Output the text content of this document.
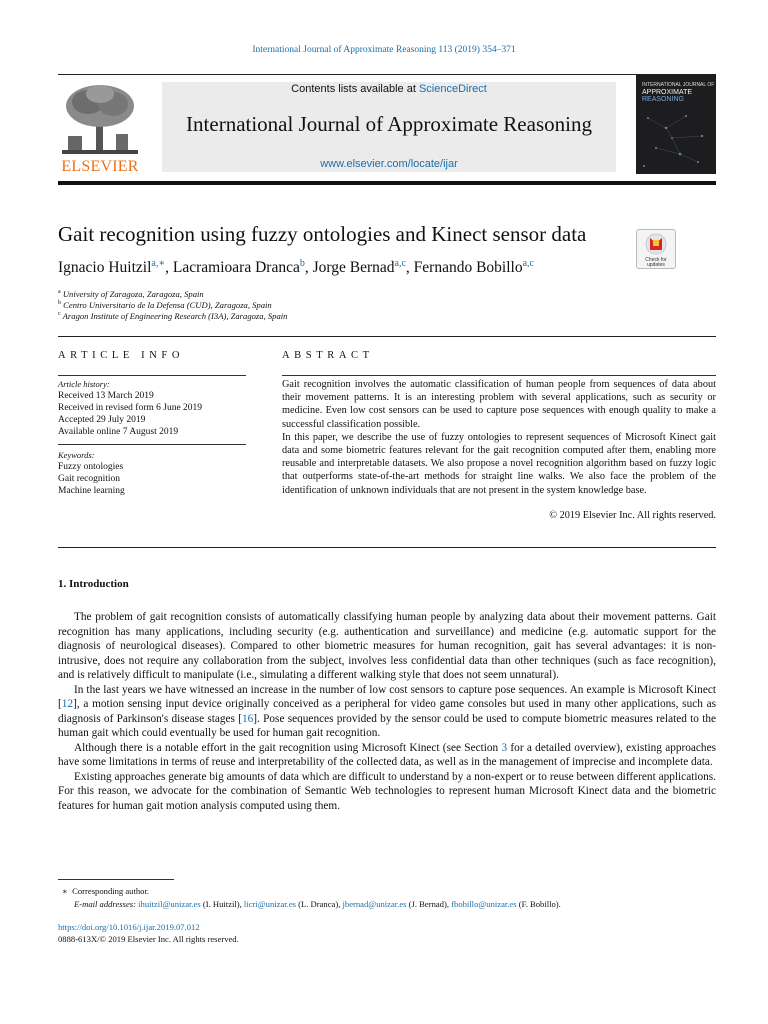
International Journal of Approximate Reasoning 113 (2019) 354–371
ELSEVIER
Contents lists available at ScienceDirect
International Journal of Approximate Reasoning
www.elsevier.com/locate/ijar
INTERNATIONAL JOURNAL OF
APPROXIMATE
REASONING
Gait recognition using fuzzy ontologies and Kinect sensor data
Check for updates
Ignacio Huitzil$^{a,∗}$, Lacramioara Dranca$^b$, Jorge Bernad$^{a,c}$, Fernando Bobillo$^{a,c}$
$^a$ University of Zaragoza, Zaragoza, Spain
$^b$ Centro Universitario de la Defensa (CUD), Zaragoza, Spain
$^c$ Aragon Institute of Engineering Research (I3A), Zaragoza, Spain
ARTICLE INFO
Article history:
Received 13 March 2019
Received in revised form 6 June 2019
Accepted 29 July 2019
Available online 7 August 2019
Keywords:
Fuzzy ontologies
Gait recognition
Machine learning
ABSTRACT

Gait recognition involves the automatic classification of human people from sequences of data about their movement patterns. It is an interesting problem with several applications, such as security or medicine. Even low cost sensors can be used to capture pose sequences with enough quality to make a successful classification possible.

In this paper, we describe the use of fuzzy ontologies to represent sequences of Microsoft Kinect gait data and some biometric features relevant for the gait recognition computed after them, enabling more reusable and interpretable datasets. We also propose a novel recognition algorithm based on fuzzy logic that outperforms state-of-the-art methods for straight line walks. We also face the problem of the identification of unknown individuals that are not present in the system knowledge base.

© 2019 Elsevier Inc. All rights reserved.
1. Introduction

The problem of gait recognition consists of automatically classifying human people by analyzing data about their movement patterns. Gait recognition has many applications, including security (e.g. authentication and surveillance) and medicine (e.g. automatic support for the diagnosis of neurological diseases). Compared to other biometric measures for human recognition, gait has several advantages: it is non-intrusive, does not require any collaboration from the subject, involves less confidential data than other techniques (such as face recognition), and is relatively difficult to manipulate (i.e., simulating a different walking style that does not seem unnatural).

In the last years we have witnessed an increase in the number of low cost sensors to capture pose sequences. An example is Microsoft Kinect [12], a motion sensing input device originally conceived as a peripheral for video game consoles but used in many other applications, such as diagnosis of Parkinson's disease stages [16]. Pose sequences provided by the sensor could be used to compute biometric measures related to the human gait which could eventually be used for human gait recognition.

Although there is a notable effort in the gait recognition using Microsoft Kinect (see Section 3 for a detailed overview), existing approaches have some limitations in terms of reuse and interpretability of the collected data, as well as in the management of imprecise and incomplete data.

Existing approaches generate big amounts of data which are difficult to understand by a non-expert or to reuse between different applications. For this reason, we advocate for the combination of Semantic Web technologies to represent human Microsoft Kinect data and the biometric features for human gait motion analysis computed using them.

∗ Corresponding author.
E-mail addresses: ihuitzil@unizar.es (I. Huitzil), licri@unizar.es (L. Dranca), jbernad@unizar.es (J. Bernad), fbobillo@unizar.es (F. Bobillo).
https://doi.org/10.1016/j.ijar.2019.07.012
0888-613X/© 2019 Elsevier Inc. All rights reserved.
